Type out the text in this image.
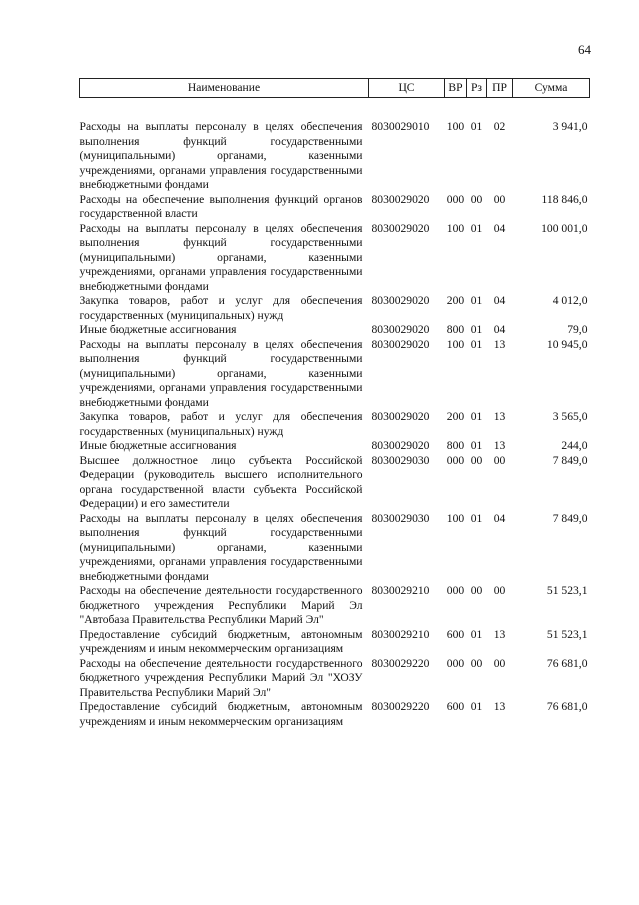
64
Наименование	ЦС	ВР	Рз	ПР	Сумма
Расходы на выплаты персоналу в целях обеспечения выполнения функций государственными (муниципальными) органами, казенными учреждениями, органами управления государственными внебюджетными фондами	8030029010	100	01	02	3 941,0
Расходы на обеспечение выполнения функций органов государственной власти	8030029020	000	00	00	118 846,0
Расходы на выплаты персоналу в целях обеспечения выполнения функций государственными (муниципальными) органами, казенными учреждениями, органами управления государственными внебюджетными фондами	8030029020	100	01	04	100 001,0
Закупка товаров, работ и услуг для обеспечения государственных (муниципальных) нужд	8030029020	200	01	04	4 012,0
Иные бюджетные ассигнования	8030029020	800	01	04	79,0
Расходы на выплаты персоналу в целях обеспечения выполнения функций государственными (муниципальными) органами, казенными учреждениями, органами управления государственными внебюджетными фондами	8030029020	100	01	13	10 945,0
Закупка товаров, работ и услуг для обеспечения государственных (муниципальных) нужд	8030029020	200	01	13	3 565,0
Иные бюджетные ассигнования	8030029020	800	01	13	244,0
Высшее должностное лицо субъекта Российской Федерации (руководитель высшего исполнительного органа государственной власти субъекта Российской Федерации) и его заместители	8030029030	000	00	00	7 849,0
Расходы на выплаты персоналу в целях обеспечения выполнения функций государственными (муниципальными) органами, казенными учреждениями, органами управления государственными внебюджетными фондами	8030029030	100	01	04	7 849,0
Расходы на обеспечение деятельности государственного бюджетного учреждения Республики Марий Эл "Автобаза Правительства Республики Марий Эл"	8030029210	000	00	00	51 523,1
Предоставление субсидий бюджетным, автономным учреждениям и иным некоммерческим организациям	8030029210	600	01	13	51 523,1
Расходы на обеспечение деятельности государственного бюджетного учреждения Республики Марий Эл "ХОЗУ Правительства Республики Марий Эл"	8030029220	000	00	00	76 681,0
Предоставление субсидий бюджетным, автономным учреждениям и иным некоммерческим организациям	8030029220	600	01	13	76 681,0
